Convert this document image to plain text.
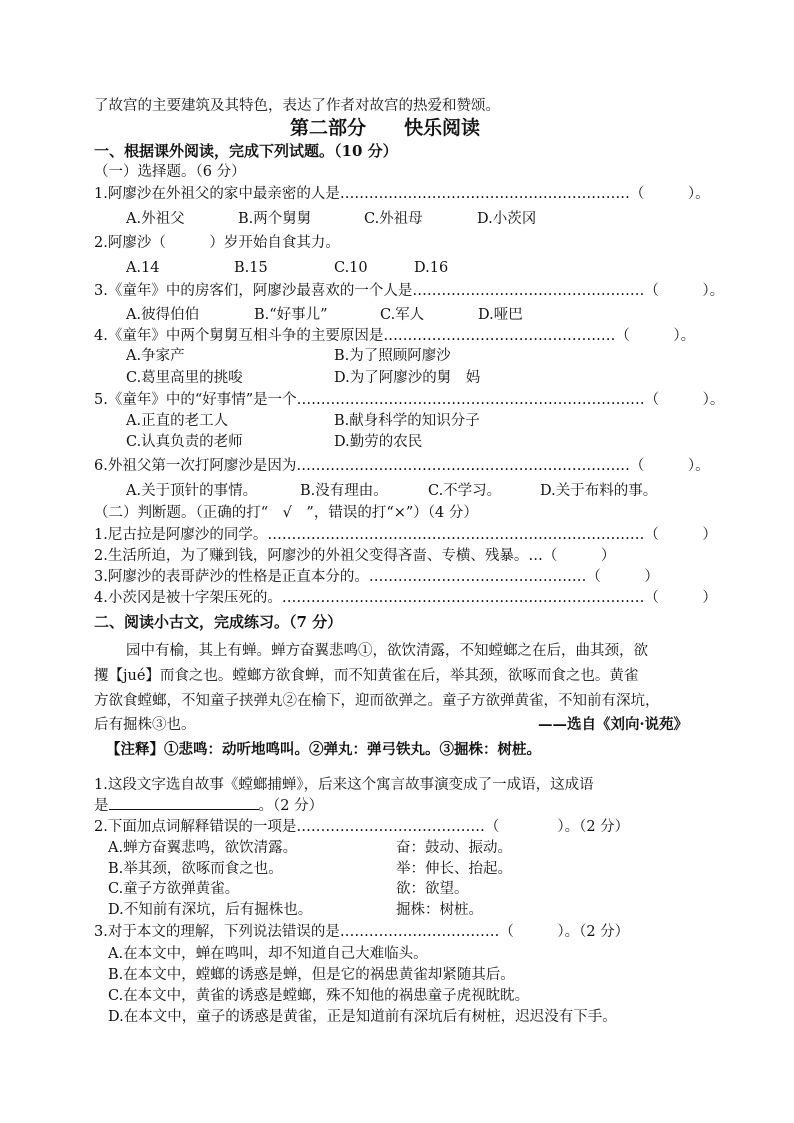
了故宫的主要建筑及其特色，表达了作者对故宫的热爱和赞颂。
第二部分　　快乐阅读
一、根据课外阅读，完成下列试题。（10 分）
（一）选择题。（6 分）
1.阿廖沙在外祖父的家中最亲密的人是……………………………………………………（　　　）。
A.外祖父	B.两个舅舅	C.外祖母	D.小茨冈
2.阿廖沙（　　　）岁开始自食其力。
A.14	B.15	C.10	D.16
3.《童年》中的房客们，阿廖沙最喜欢的一个人是…………………………………………（　　　）。
A.彼得伯伯	B.“好事儿”	C.军人	D.哑巴
4.《童年》中两个舅舅互相斗争的主要原因是…………………………………………（　　　）。
A.争家产	B.为了照顾阿廖沙
C.葛里高里的挑唆	D.为了阿廖沙的舅　妈
5.《童年》中的“好事情”是一个………………………………………………………………（　　　）。
A.正直的老工人	B.献身科学的知识分子
C.认真负责的老师	D.勤劳的农民
6.外祖父第一次打阿廖沙是因为……………………………………………………………（　　　）。
A.关于顶针的事情。	B.没有理由。	C.不学习。	D.关于布料的事。
（二）判断题。（正确的打“　√　”，错误的打“×”）（4 分）
1.尼古拉是阿廖沙的同学。……………………………………………………………………（　　　）
2.生活所迫，为了赚到钱，阿廖沙的外祖父变得吝啬、专横、残暴。…（　　　）
3.阿廖沙的表哥萨沙的性格是正直本分的。………………………………………（　　　）
4.小茨冈是被十字架压死的。…………………………………………………………………（　　　）
二、阅读小古文，完成练习。（7 分）
园中有榆，其上有蝉。蝉方奋翼悲鸣①，欲饮清露，不知螳螂之在后，曲其颈，欲
攫【jué】而食之也。螳螂方欲食蝉，而不知黄雀在后，举其颈，欲啄而食之也。黄雀
方欲食螳螂，不知童子挟弹丸②在榆下，迎而欲弹之。童子方欲弹黄雀，不知前有深坑，
后有掘株③也。	——选自《刘向·说苑》
【注释】①悲鸣：动听地鸣叫。②弹丸：弹弓铁丸。③掘株：树桩。
1.这段文字选自故事《螳螂捕蝉》，后来这个寓言故事演变成了一成语，这成语
是	。（2 分）
2.下面加点词解释错误的一项是…………………………………（　　　　）。（2 分）
A.蝉方奋翼悲鸣，欲饮清露。	奋：鼓动、振动。
B.举其颈，欲啄而食之也。	举：伸长、抬起。
C.童子方欲弹黄雀。	欲：欲望。
D.不知前有深坑，后有掘株也。	掘株：树桩。
3.对于本文的理解，下列说法错误的是……………………………（　　　）。（2 分）
A.在本文中，蝉在鸣叫，却不知道自己大难临头。
B.在本文中，螳螂的诱惑是蝉，但是它的祸患黄雀却紧随其后。
C.在本文中，黄雀的诱惑是螳螂，殊不知他的祸患童子虎视眈眈。
D.在本文中，童子的诱惑是黄雀，正是知道前有深坑后有树桩，迟迟没有下手。
